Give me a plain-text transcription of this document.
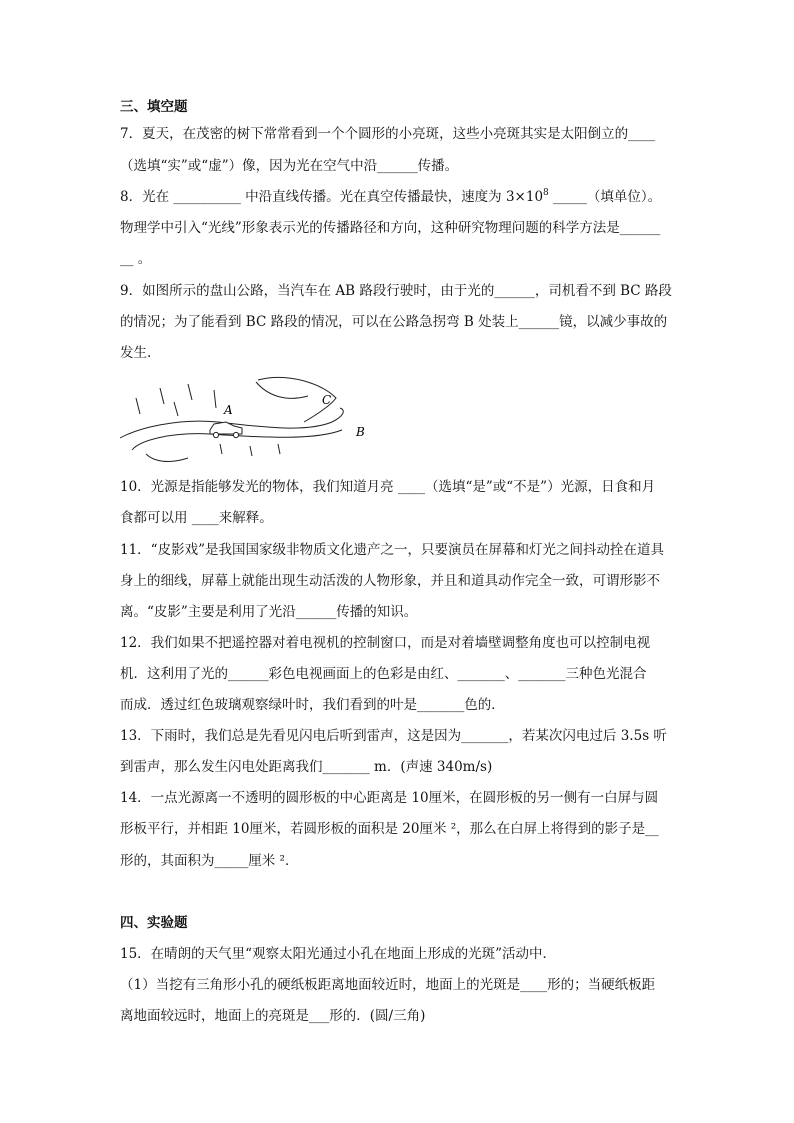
三、填空题
7．夏天，在茂密的树下常常看到一个个圆形的小亮斑，这些小亮斑其实是太阳倒立的____
（选填“实”或“虚”）像，因为光在空气中沿______传播。
8．光在 __________ 中沿直线传播。光在真空传播最快，速度为 $3\times 10^8$ _____（填单位）。
物理学中引入“光线”形象表示光的传播路径和方向，这种研究物理问题的科学方法是______
__ 。
9．如图所示的盘山公路，当汽车在 AB 路段行驶时，由于光的______，司机看不到 BC 路段
的情况；为了能看到 BC 路段的情况，可以在公路急拐弯 B 处装上______镜，以减少事故的
发生.
A
C
B
10．光源是指能够发光的物体，我们知道月亮 ____（选填“是”或“不是”）光源，日食和月
食都可以用 ____来解释。
11．“皮影戏”是我国国家级非物质文化遗产之一，只要演员在屏幕和灯光之间抖动拴在道具
身上的细线，屏幕上就能出现生动活泼的人物形象，并且和道具动作完全一致，可谓形影不
离。“皮影”主要是利用了光沿______传播的知识。
12．我们如果不把遥控器对着电视机的控制窗口，而是对着墙壁调整角度也可以控制电视
机．这利用了光的______彩色电视画面上的色彩是由红、_______、_______三种色光混合
而成．透过红色玻璃观察绿叶时，我们看到的叶是_______色的．
13．下雨时，我们总是先看见闪电后听到雷声，这是因为_______，若某次闪电过后 3.5s 听
到雷声，那么发生闪电处距离我们_______ m．(声速 340m/s)
14．一点光源离一不透明的圆形板的中心距离是 10厘米，在圆形板的另一侧有一白屏与圆
形板平行，并相距 10厘米，若圆形板的面积是 20厘米 ²，那么在白屏上将得到的影子是__
形的，其面积为_____厘米 ²．
四、实验题
15．在晴朗的天气里“观察太阳光通过小孔在地面上形成的光斑”活动中．
（1）当挖有三角形小孔的硬纸板距离地面较近时，地面上的光斑是____形的；当硬纸板距
离地面较远时，地面上的亮斑是___形的．(圆/三角)
